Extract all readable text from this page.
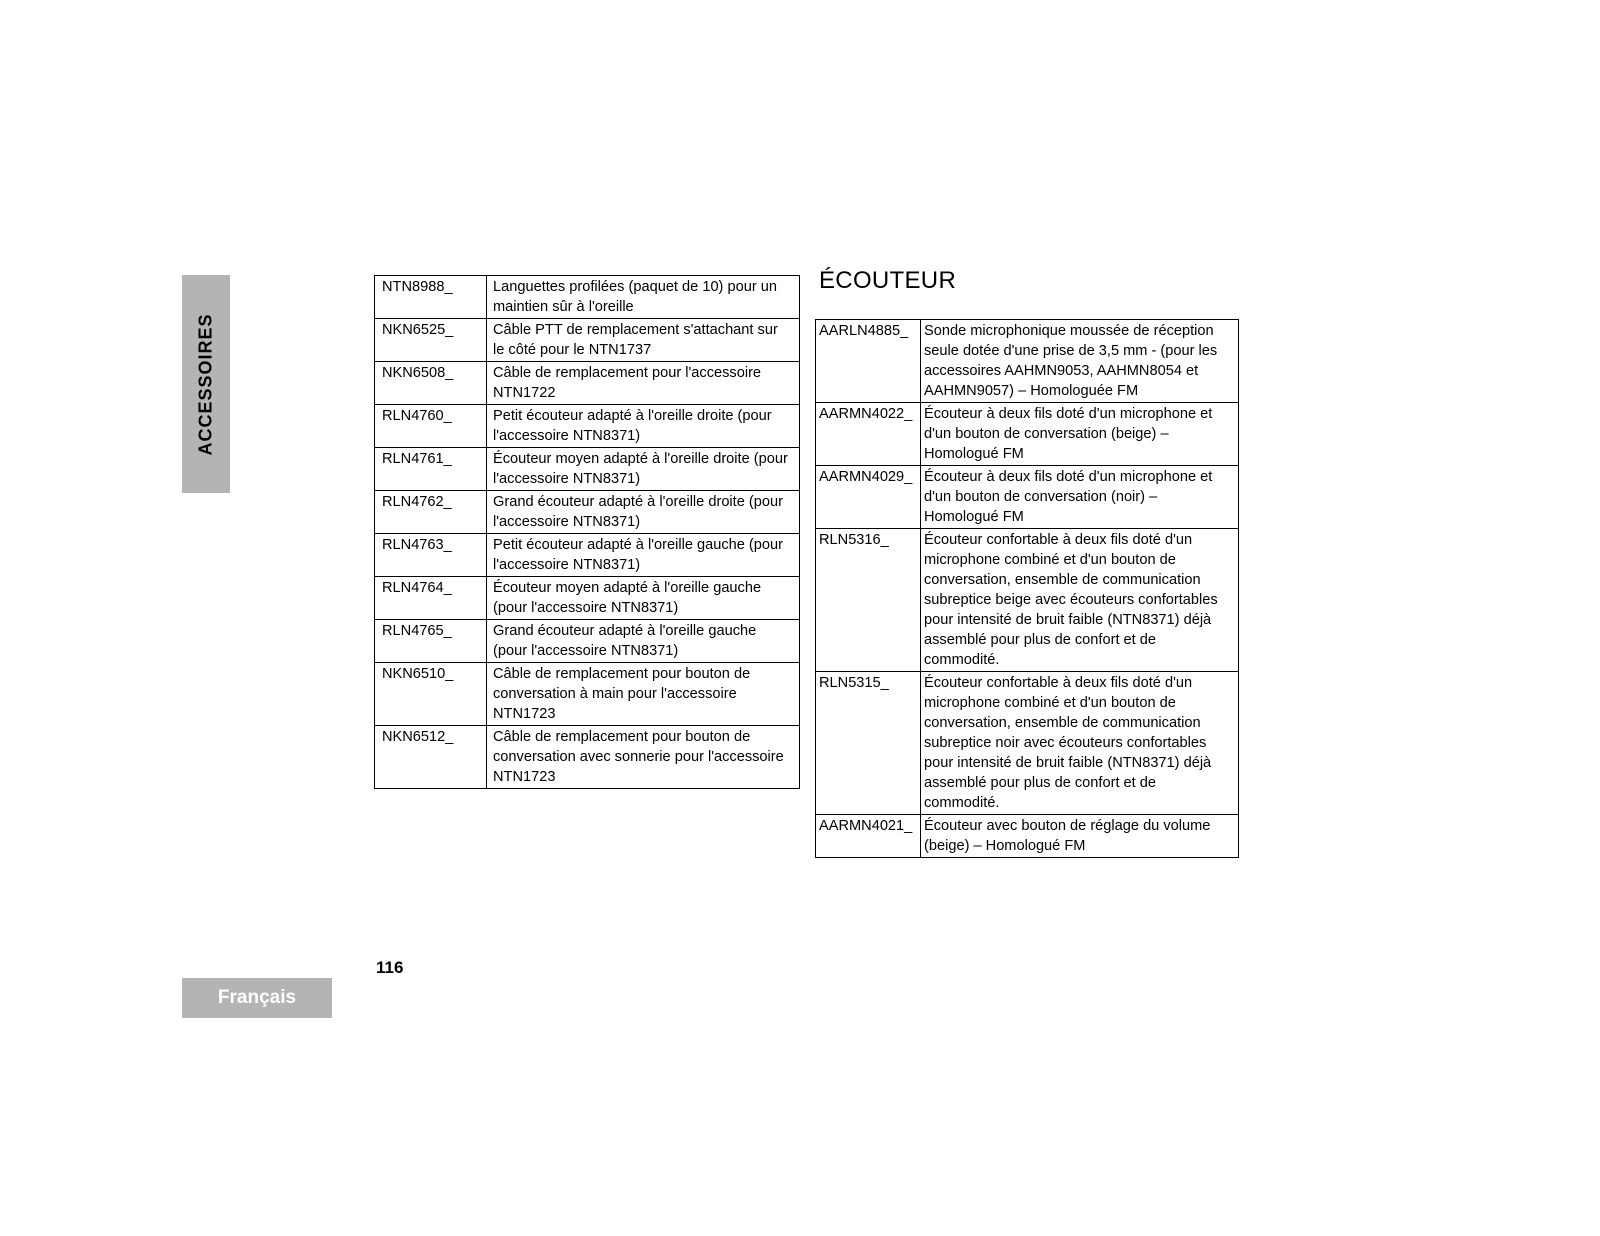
ACCESSOIRES
NTN8988_	Languettes profilées (paquet de 10) pour un maintien sûr à l'oreille
NKN6525_	Câble PTT de remplacement s'attachant sur le côté pour le NTN1737
NKN6508_	Câble de remplacement pour l'accessoire NTN1722
RLN4760_	Petit écouteur adapté à l'oreille droite (pour l'accessoire NTN8371)
RLN4761_	Écouteur moyen adapté à l'oreille droite (pour l'accessoire NTN8371)
RLN4762_	Grand écouteur adapté à l'oreille droite (pour l'accessoire NTN8371)
RLN4763_	Petit écouteur adapté à l'oreille gauche (pour l'accessoire NTN8371)
RLN4764_	Écouteur moyen adapté à l'oreille gauche (pour l'accessoire NTN8371)
RLN4765_	Grand écouteur adapté à l'oreille gauche (pour l'accessoire NTN8371)
NKN6510_	Câble de remplacement pour bouton de conversation à main pour l'accessoire NTN1723
NKN6512_	Câble de remplacement pour bouton de conversation avec sonnerie pour l'accessoire NTN1723
ÉCOUTEUR
AARLN4885_	Sonde microphonique moussée de réception seule dotée d'une prise de 3,5 mm - (pour les accessoires AAHMN9053, AAHMN8054 et AAHMN9057) – Homologuée FM
AARMN4022_	Écouteur à deux fils doté d'un microphone et d'un bouton de conversation (beige) – Homologué FM
AARMN4029_	Écouteur à deux fils doté d'un microphone et d'un bouton de conversation (noir) – Homologué FM
RLN5316_	Écouteur confortable à deux fils doté d'un microphone combiné et d'un bouton de conversation, ensemble de communication subreptice beige avec écouteurs confortables pour intensité de bruit faible (NTN8371) déjà assemblé pour plus de confort et de commodité.
RLN5315_	Écouteur confortable à deux fils doté d'un microphone combiné et d'un bouton de conversation, ensemble de communication subreptice noir avec écouteurs confortables pour intensité de bruit faible (NTN8371) déjà assemblé pour plus de confort et de commodité.
AARMN4021_	Écouteur avec bouton de réglage du volume (beige) – Homologué FM
116
Français
